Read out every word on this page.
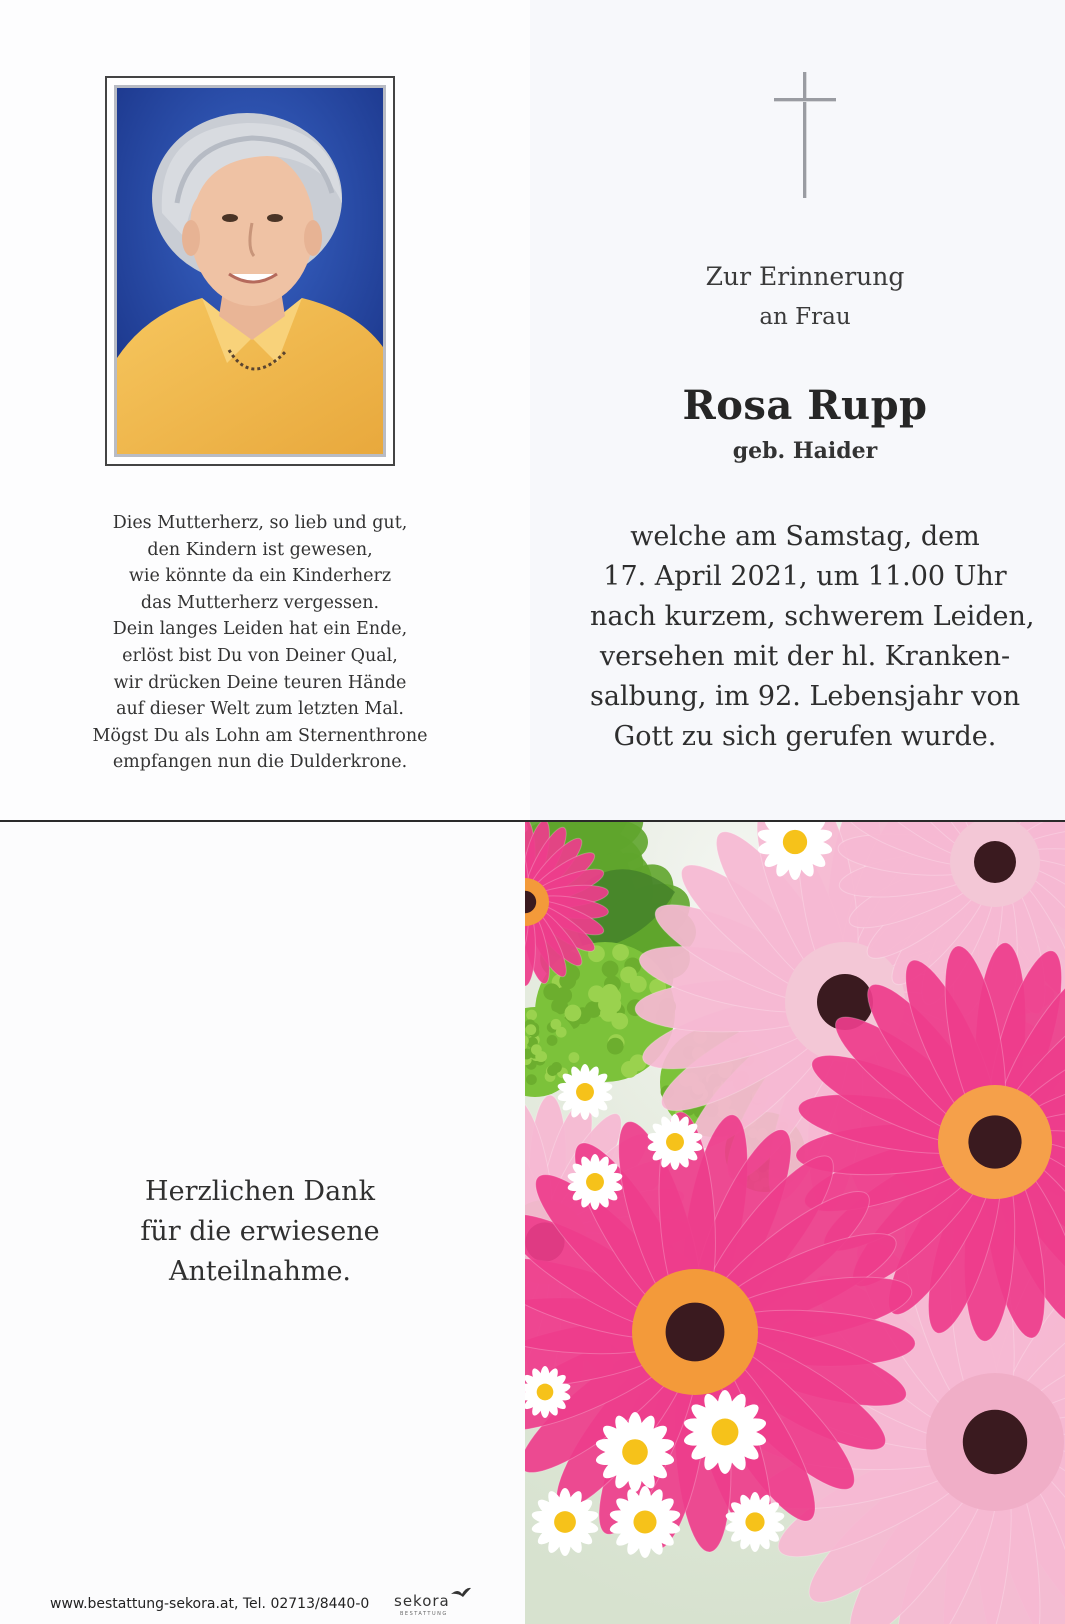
Dies Mutterherz, so lieb und gut,
den Kindern ist gewesen,
wie könnte da ein Kinderherz
das Mutterherz vergessen.
Dein langes Leiden hat ein Ende,
erlöst bist Du von Deiner Qual,
wir drücken Deine teuren Hände
auf dieser Welt zum letzten Mal.
Mögst Du als Lohn am Sternenthrone
empfangen nun die Dulderkrone.
Zur Erinnerung
an Frau
Rosa Rupp
geb. Haider
welche am Samstag, dem
17. April 2021, um 11.00 Uhr
nach kurzem, schwerem Leiden,
versehen mit der hl. Kranken-
salbung, im 92. Lebensjahr von
Gott zu sich gerufen wurde.
Herzlichen Dank
für die erwiesene
Anteilnahme.
www.bestattung-sekora.at, Tel. 02713/8440-0 sekora
BESTATTUNG
